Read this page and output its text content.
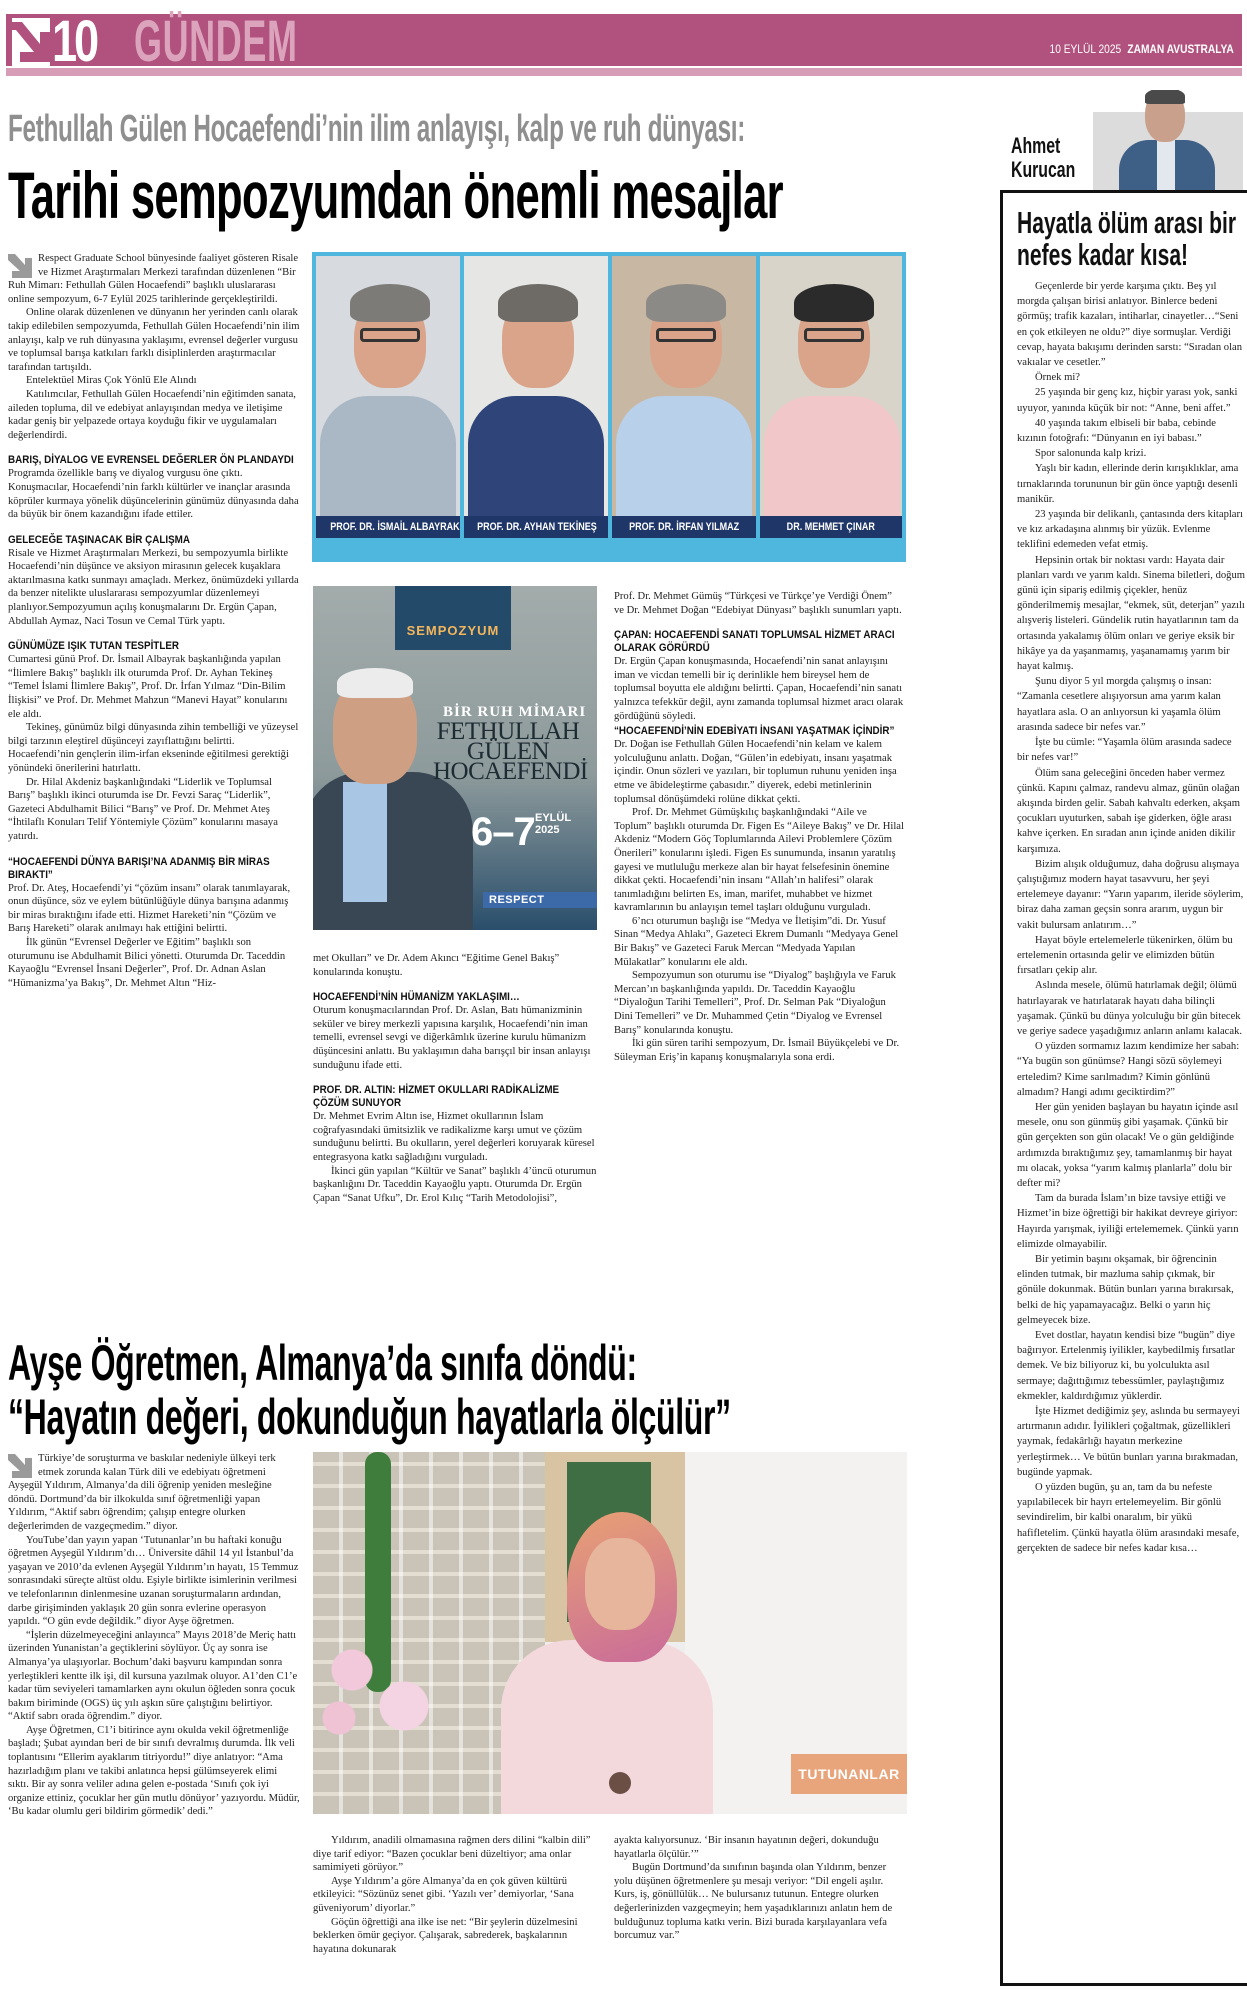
10 GÜNDEM	10 EYLÜL 2025 ZAMAN AVUSTRALYA
Fethullah Gülen Hocaefendi’nin ilim anlayışı, kalp ve ruh dünyası:
Tarihi sempozyumdan önemli mesajlar

Respect Graduate School bünyesinde faaliyet gösteren Risale ve Hizmet Araştırmaları Merkezi tarafından düzenlenen “Bir Ruh Mimarı: Fethullah Gülen Hocaefendi” başlıklı uluslararası online sempozyum, 6-7 Eylül 2025 tarihlerinde gerçekleştirildi.

Online olarak düzenlenen ve dünyanın her yerinden canlı olarak takip edilebilen sempozyumda, Fethullah Gülen Hocaefendi’nin ilim anlayışı, kalp ve ruh dünyasına yaklaşımı, evrensel değerler vurgusu ve toplumsal barışa katkıları farklı disiplinlerden araştırmacılar tarafından tartışıldı.

Entelektüel Miras Çok Yönlü Ele Alındı

Katılımcılar, Fethullah Gülen Hocaefendi’nin eğitimden sanata, aileden topluma, dil ve edebiyat anlayışından medya ve iletişime kadar geniş bir yelpazede ortaya koyduğu fikir ve uygulamaları değerlendirdi.

BARIŞ, DİYALOG VE EVRENSEL DEĞERLER ÖN PLANDAYDI

Programda özellikle barış ve diyalog vurgusu öne çıktı. Konuşmacılar, Hocaefendi’nin farklı kültürler ve inançlar arasında köprüler kurmaya yönelik düşüncelerinin günümüz dünyasında daha da büyük bir önem kazandığını ifade ettiler.

GELECEĞE TAŞINACAK BİR ÇALIŞMA

Risale ve Hizmet Araştırmaları Merkezi, bu sempozyumla birlikte Hocaefendi’nin düşünce ve aksiyon mirasının gelecek kuşaklara aktarılmasına katkı sunmayı amaçladı. Merkez, önümüzdeki yıllarda da benzer nitelikte uluslararası sempozyumlar düzenlemeyi planlıyor.Sempozyumun açılış konuşmalarını Dr. Ergün Çapan, Abdullah Aymaz, Naci Tosun ve Cemal Türk yaptı.

GÜNÜMÜZE IŞIK TUTAN TESPİTLER

Cumartesi günü Prof. Dr. İsmail Albayrak başkanlığında yapılan “İlimlere Bakış” başlıklı ilk oturumda Prof. Dr. Ayhan Tekineş “Temel İslami İlimlere Bakış”, Prof. Dr. İrfan Yılmaz “Din-Bilim İlişkisi” ve Prof. Dr. Mehmet Mahzun “Manevi Hayat” konularını ele aldı.

Tekineş, günümüz bilgi dünyasında zihin tembelliği ve yüzeysel bilgi tarzının eleştirel düşünceyi zayıflattığını belirtti. Hocaefendi’nin gençlerin ilim-irfan ekseninde eğitilmesi gerektiği yönündeki önerilerini hatırlattı.

Dr. Hilal Akdeniz başkanlığındaki “Liderlik ve Toplumsal Barış” başlıklı ikinci oturumda ise Dr. Fevzi Saraç “Liderlik”, Gazeteci Abdulhamit Bilici “Barış” ve Prof. Dr. Mehmet Ateş “İhtilaflı Konuları Telif Yöntemiyle Çözüm” konularını masaya yatırdı.

“HOCAEFENDİ DÜNYA BARIŞI’NA ADANMIŞ BİR MİRAS BIRAKTI”

Prof. Dr. Ateş, Hocaefendi’yi “çözüm insanı” olarak tanımlayarak, onun düşünce, söz ve eylem bütünlüğüyle dünya barışına adanmış bir miras bıraktığını ifade etti. Hizmet Hareketi’nin “Çözüm ve Barış Hareketi” olarak anılmayı hak ettiğini belirtti.

İlk günün “Evrensel Değerler ve Eğitim” başlıklı son oturumunu ise Abdulhamit Bilici yönetti. Oturumda Dr. Taceddin Kayaoğlu “Evrensel İnsani Değerler”, Prof. Dr. Adnan Aslan “Hümanizma’ya Bakış”, Dr. Mehmet Altın “Hiz-

PROF. DR. İSMAİL ALBAYRAK	PROF. DR. AYHAN TEKİNEŞ	PROF. DR. İRFAN YILMAZ	DR. MEHMET ÇINAR
SEMPOZYUM
BİR RUH MİMARI
FETHULLAH GÜLEN HOCAEFENDİ
6–7 EYLÜL
2025
RESPECT

met Okulları” ve Dr. Adem Akıncı “Eğitime Genel Bakış” konularında konuştu.

HOCAEFENDİ’NİN HÜMANİZM YAKLAŞIMI…

Oturum konuşmacılarından Prof. Dr. Aslan, Batı hümanizminin seküler ve birey merkezli yapısına karşılık, Hocaefendi’nin iman temelli, evrensel sevgi ve diğerkâmlık üzerine kurulu hümanizm düşüncesini anlattı. Bu yaklaşımın daha barışçıl bir insan anlayışı sunduğunu ifade etti.

PROF. DR. ALTIN: HİZMET OKULLARI RADİKALİZME ÇÖZÜM SUNUYOR

Dr. Mehmet Evrim Altın ise, Hizmet okullarının İslam coğrafyasındaki ümitsizlik ve radikalizme karşı umut ve çözüm sunduğunu belirtti. Bu okulların, yerel değerleri koruyarak küresel entegrasyona katkı sağladığını vurguladı.

İkinci gün yapılan “Kültür ve Sanat” başlıklı 4’üncü oturumun başkanlığını Dr. Taceddin Kayaoğlu yaptı. Oturumda Dr. Ergün Çapan “Sanat Ufku”, Dr. Erol Kılıç “Tarih Metodolojisi”,

Prof. Dr. Mehmet Gümüş “Türkçesi ve Türkçe’ye Verdiği Önem” ve Dr. Mehmet Doğan “Edebiyat Dünyası” başlıklı sunumları yaptı.

ÇAPAN: HOCAEFENDİ SANATI TOPLUMSAL HİZMET ARACI OLARAK GÖRÜRDÜ

Dr. Ergün Çapan konuşmasında, Hocaefendi’nin sanat anlayışını iman ve vicdan temelli bir iç derinlikle hem bireysel hem de toplumsal boyutta ele aldığını belirtti. Çapan, Hocaefendi’nin sanatı yalnızca tefekkür değil, aynı zamanda toplumsal hizmet aracı olarak gördüğünü söyledi.

“HOCAEFENDİ’NİN EDEBİYATI İNSANI YAŞATMAK İÇİNDİR”

Dr. Doğan ise Fethullah Gülen Hocaefendi’nin kelam ve kalem yolculuğunu anlattı. Doğan, “Gülen’in edebiyatı, insanı yaşatmak içindir. Onun sözleri ve yazıları, bir toplumun ruhunu yeniden inşa etme ve âbideleştirme çabasıdır.” diyerek, edebi metinlerinin toplumsal dönüşümdeki rolüne dikkat çekti.

Prof. Dr. Mehmet Gümüşkılıç başkanlığındaki “Aile ve Toplum” başlıklı oturumda Dr. Figen Es “Aileye Bakış” ve Dr. Hilal Akdeniz “Modern Göç Toplumlarında Ailevi Problemlere Çözüm Önerileri” konularını işledi. Figen Es sunumunda, insanın yaratılış gayesi ve mutluluğu merkeze alan bir hayat felsefesinin önemine dikkat çekti. Hocaefendi’nin insanı “Allah’ın halifesi” olarak tanımladığını belirten Es, iman, marifet, muhabbet ve hizmet kavramlarının bu anlayışın temel taşları olduğunu vurguladı.

6’ncı oturumun başlığı ise “Medya ve İletişim”di. Dr. Yusuf Sinan “Medya Ahlakı”, Gazeteci Ekrem Dumanlı “Medyaya Genel Bir Bakış” ve Gazeteci Faruk Mercan “Medyada Yapılan Mülakatlar” konularını ele aldı.

Sempozyumun son oturumu ise “Diyalog” başlığıyla ve Faruk Mercan’ın başkanlığında yapıldı. Dr. Taceddin Kayaoğlu “Diyaloğun Tarihi Temelleri”, Prof. Dr. Selman Pak “Diyaloğun Dini Temelleri” ve Dr. Muhammed Çetin “Diyalog ve Evrensel Barış” konularında konuştu.

İki gün süren tarihi sempozyum, Dr. İsmail Büyükçelebi ve Dr. Süleyman Eriş’in kapanış konuşmalarıyla sona erdi.

Ayşe Öğretmen, Almanya’da sınıfa döndü:
“Hayatın değeri, dokunduğun hayatlarla ölçülür”

Türkiye’de soruşturma ve baskılar nedeniyle ülkeyi terk etmek zorunda kalan Türk dili ve edebiyatı öğretmeni Ayşegül Yıldırım, Almanya’da dili öğrenip yeniden mesleğine döndü. Dortmund’da bir ilkokulda sınıf öğretmenliği yapan Yıldırım, “Aktif sabrı öğrendim; çalışıp entegre olurken değerlerimden de vazgeçmedim.” diyor.

YouTube’dan yayın yapan ‘Tutunanlar’ın bu haftaki konuğu öğretmen Ayşegül Yıldırım’dı… Üniversite dâhil 14 yıl İstanbul’da yaşayan ve 2010’da evlenen Ayşegül Yıldırım’ın hayatı, 15 Temmuz sonrasındaki süreçte altüst oldu. Eşiyle birlikte isimlerinin verilmesi ve telefonlarının dinlenmesine uzanan soruşturmaların ardından, darbe girişiminden yaklaşık 20 gün sonra evlerine operasyon yapıldı. “O gün evde değildik.” diyor Ayşe öğretmen.

“İşlerin düzelmeyeceğini anlayınca” Mayıs 2018’de Meriç hattı üzerinden Yunanistan’a geçtiklerini söylüyor. Üç ay sonra ise Almanya’ya ulaşıyorlar. Bochum’daki başvuru kampından sonra yerleştikleri kentte ilk işi, dil kursuna yazılmak oluyor. A1’den C1’e kadar tüm seviyeleri tamamlarken aynı okulun öğleden sonra çocuk bakım biriminde (OGS) üç yılı aşkın süre çalıştığını belirtiyor. “Aktif sabrı orada öğrendim.” diyor.

Ayşe Öğretmen, C1’i bitirince aynı okulda vekil öğretmenliğe başladı; Şubat ayından beri de bir sınıfı devralmış durumda. İlk veli toplantısını “Ellerim ayaklarım titriyordu!” diye anlatıyor: “Ama hazırladığım planı ve takibi anlatınca hepsi gülümseyerek elimi sıktı. Bir ay sonra veliler adına gelen e-postada ‘Sınıfı çok iyi organize ettiniz, çocuklar her gün mutlu dönüyor’ yazıyordu. Müdür, ‘Bu kadar olumlu geri bildirim görmedik’ dedi.”

TUTUNANLAR

Yıldırım, anadili olmamasına rağmen ders dilini “kalbin dili” diye tarif ediyor: “Bazen çocuklar beni düzeltiyor; ama onlar samimiyeti görüyor.”

Ayşe Yıldırım’a göre Almanya’da en çok güven kültürü etkileyici: “Sözünüz senet gibi. ‘Yazılı ver’ demiyorlar, ‘Sana güveniyorum’ diyorlar.”

Göçün öğrettiği ana ilke ise net: “Bir şeylerin düzelmesini beklerken ömür geçiyor. Çalışarak, sabrederek, başkalarının hayatına dokunarak

ayakta kalıyorsunuz. ‘Bir insanın hayatının değeri, dokunduğu hayatlarla ölçülür.’”

Bugün Dortmund’da sınıfının başında olan Yıldırım, benzer yolu düşünen öğretmenlere şu mesajı veriyor: “Dil engeli aşılır. Kurs, iş, gönüllülük… Ne bulursanız tutunun. Entegre olurken değerlerinizden vazgeçmeyin; hem yaşadıklarınızı anlatın hem de bulduğunuz topluma katkı verin. Bizi burada karşılayanlara vefa borcumuz var.”

Ahmet
Kurucan
Hayatla ölüm arası bir nefes kadar kısa!

Geçenlerde bir yerde karşıma çıktı. Beş yıl morgda çalışan birisi anlatıyor. Binlerce bedeni görmüş; trafik kazaları, intiharlar, cinayetler…“Seni en çok etkileyen ne oldu?” diye sormuşlar. Verdiği cevap, hayata bakışımı derinden sarstı: “Sıradan olan vakıalar ve cesetler.”

Örnek mi?

25 yaşında bir genç kız, hiçbir yarası yok, sanki uyuyor, yanında küçük bir not: “Anne, beni affet.”

40 yaşında takım elbiseli bir baba, cebinde kızının fotoğrafı: “Dünyanın en iyi babası.”

Spor salonunda kalp krizi.

Yaşlı bir kadın, ellerinde derin kırışıklıklar, ama tırnaklarında torununun bir gün önce yaptığı desenli manikür.

23 yaşında bir delikanlı, çantasında ders kitapları ve kız arkadaşına alınmış bir yüzük. Evlenme teklifini edemeden vefat etmiş.

Hepsinin ortak bir noktası vardı: Hayata dair planları vardı ve yarım kaldı. Sinema biletleri, doğum günü için sipariş edilmiş çiçekler, henüz gönderilmemiş mesajlar, “ekmek, süt, deterjan” yazılı alışveriş listeleri. Gündelik rutin hayatlarının tam da ortasında yakalamış ölüm onları ve geriye eksik bir hikâye ya da yaşanmamış, yaşanamamış yarım bir hayat kalmış.

Şunu diyor 5 yıl morgda çalışmış o insan: “Zamanla cesetlere alışıyorsun ama yarım kalan hayatlara asla. O an anlıyorsun ki yaşamla ölüm arasında sadece bir nefes var.”

İşte bu cümle: “Yaşamla ölüm arasında sadece bir nefes var!”

Ölüm sana geleceğini önceden haber vermez çünkü. Kapını çalmaz, randevu almaz, günün olağan akışında birden gelir. Sabah kahvaltı ederken, akşam çocukları uyuturken, sabah işe giderken, öğle arası kahve içerken. En sıradan anın içinde aniden dikilir karşımıza.

Bizim alışık olduğumuz, daha doğrusu alışmaya çalıştığımız modern hayat tasavvuru, her şeyi ertelemeye dayanır: “Yarın yaparım, ileride söylerim, biraz daha zaman geçsin sonra ararım, uygun bir vakit bulursam anlatırım…”

Hayat böyle ertelemelerle tükenirken, ölüm bu ertelemenin ortasında gelir ve elimizden bütün fırsatları çekip alır.

Aslında mesele, ölümü hatırlamak değil; ölümü hatırlayarak ve hatırlatarak hayatı daha bilinçli yaşamak. Çünkü bu dünya yolculuğu bir gün bitecek ve geriye sadece yaşadığımız anların anlamı kalacak.

O yüzden sormamız lazım kendimize her sabah: “Ya bugün son günümse? Hangi sözü söylemeyi erteledim? Kime sarılmadım? Kimin gönlünü almadım? Hangi adımı geciktirdim?”

Her gün yeniden başlayan bu hayatın içinde asıl mesele, onu son günmüş gibi yaşamak. Çünkü bir gün gerçekten son gün olacak! Ve o gün geldiğinde ardımızda bıraktığımız şey, tamamlanmış bir hayat mı olacak, yoksa “yarım kalmış planlarla” dolu bir defter mi?

Tam da burada İslam’ın bize tavsiye ettiği ve Hizmet’in bize öğrettiği bir hakikat devreye giriyor: Hayırda yarışmak, iyiliği ertelememek. Çünkü yarın elimizde olmayabilir.

Bir yetimin başını okşamak, bir öğrencinin elinden tutmak, bir mazluma sahip çıkmak, bir gönüle dokunmak. Bütün bunları yarına bırakırsak, belki de hiç yapamayacağız. Belki o yarın hiç gelmeyecek bize.

Evet dostlar, hayatın kendisi bize “bugün” diye bağırıyor. Ertelenmiş iyilikler, kaybedilmiş fırsatlar demek. Ve biz biliyoruz ki, bu yolculukta asıl sermaye; dağıttığımız tebessümler, paylaştığımız ekmekler, kaldırdığımız yüklerdir.

İşte Hizmet dediğimiz şey, aslında bu sermayeyi artırmanın adıdır. İyilikleri çoğaltmak, güzellikleri yaymak, fedakârlığı hayatın merkezine yerleştirmek… Ve bütün bunları yarına bırakmadan, bugünde yapmak.

O yüzden bugün, şu an, tam da bu nefeste yapılabilecek bir hayrı ertelemeyelim. Bir gönlü sevindirelim, bir kalbi onaralım, bir yükü hafifletelim. Çünkü hayatla ölüm arasındaki mesafe, gerçekten de sadece bir nefes kadar kısa…
